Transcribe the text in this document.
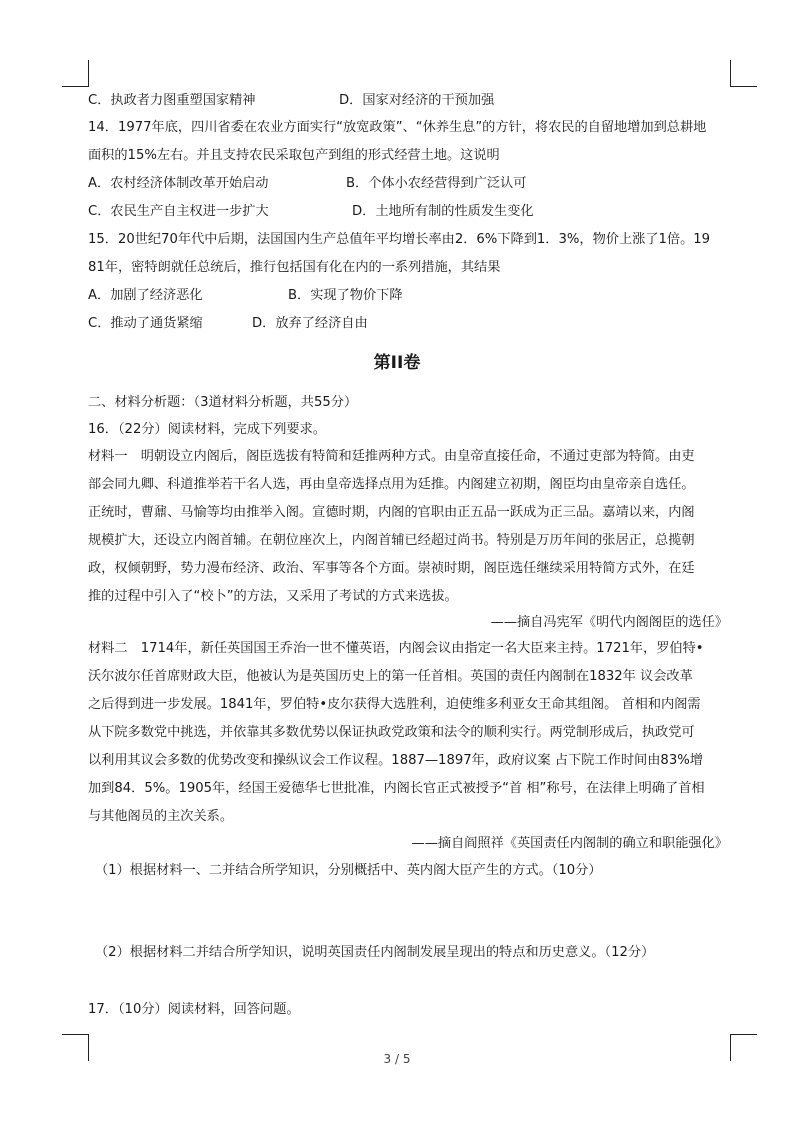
C．执政者力图重塑国家精神	D．国家对经济的干预加强
14．1977年底，四川省委在农业方面实行“放宽政策”、“休养生息”的方针，将农民的自留地增加到总耕地
面积的15%左右。并且支持农民采取包产到组的形式经营土地。这说明
A．农村经济体制改革开始启动	B．个体小农经营得到广泛认可
C．农民生产自主权进一步扩大	D．土地所有制的性质发生变化
15．20世纪70年代中后期，法国国内生产总值年平均增长率由2．6%下降到1．3%，物价上涨了1倍。19
81年，密特朗就任总统后，推行包括国有化在内的一系列措施，其结果
A．加剧了经济恶化	B．实现了物价下降
C．推动了通货紧缩	D．放弃了经济自由
第II卷
二、材料分析题：（3道材料分析题，共55分）
16．（22分）阅读材料，完成下列要求。
材料一　明朝设立内阁后，阁臣选拔有特简和廷推两种方式。由皇帝直接任命，不通过吏部为特简。由吏
部会同九卿、科道推举若干名人选，再由皇帝选择点用为廷推。内阁建立初期，阁臣均由皇帝亲自选任。
正统时，曹鼐、马愉等均由推举入阁。宣德时期，内阁的官职由正五品一跃成为正三品。嘉靖以来，内阁
规模扩大，还设立内阁首辅。在朝位座次上，内阁首辅已经超过尚书。特别是万历年间的张居正，总揽朝
政，权倾朝野，势力漫布经济、政治、军事等各个方面。崇祯时期，阁臣选任继续采用特简方式外，在廷
推的过程中引入了“校卜”的方法，又采用了考试的方式来选拔。
——摘自冯宪军《明代内阁阁臣的选任》
材料二　1714年，新任英国国王乔治一世不懂英语，内阁会议由指定一名大臣来主持。1721年，罗伯特•
沃尔波尔任首席财政大臣，他被认为是英国历史上的第一任首相。英国的责任内阁制在1832年 议会改革
之后得到进一步发展。1841年，罗伯特•皮尔获得大选胜利，迫使维多利亚女王命其组阁。 首相和内阁需
从下院多数党中挑选，并依靠其多数优势以保证执政党政策和法令的顺利实行。两党制形成后，执政党可
以利用其议会多数的优势改变和操纵议会工作议程。1887—1897年，政府议案 占下院工作时间由83%增
加到84．5%。1905年，经国王爱德华七世批准，内阁长官正式被授予“首 相”称号，在法律上明确了首相
与其他阁员的主次关系。
——摘自阎照祥《英国责任内阁制的确立和职能强化》
（1）根据材料一、二并结合所学知识，分别概括中、英内阁大臣产生的方式。（10分）
（2）根据材料二并结合所学知识，说明英国责任内阁制发展呈现出的特点和历史意义。（12分）
17．（10分）阅读材料，回答问题。
3 / 5
